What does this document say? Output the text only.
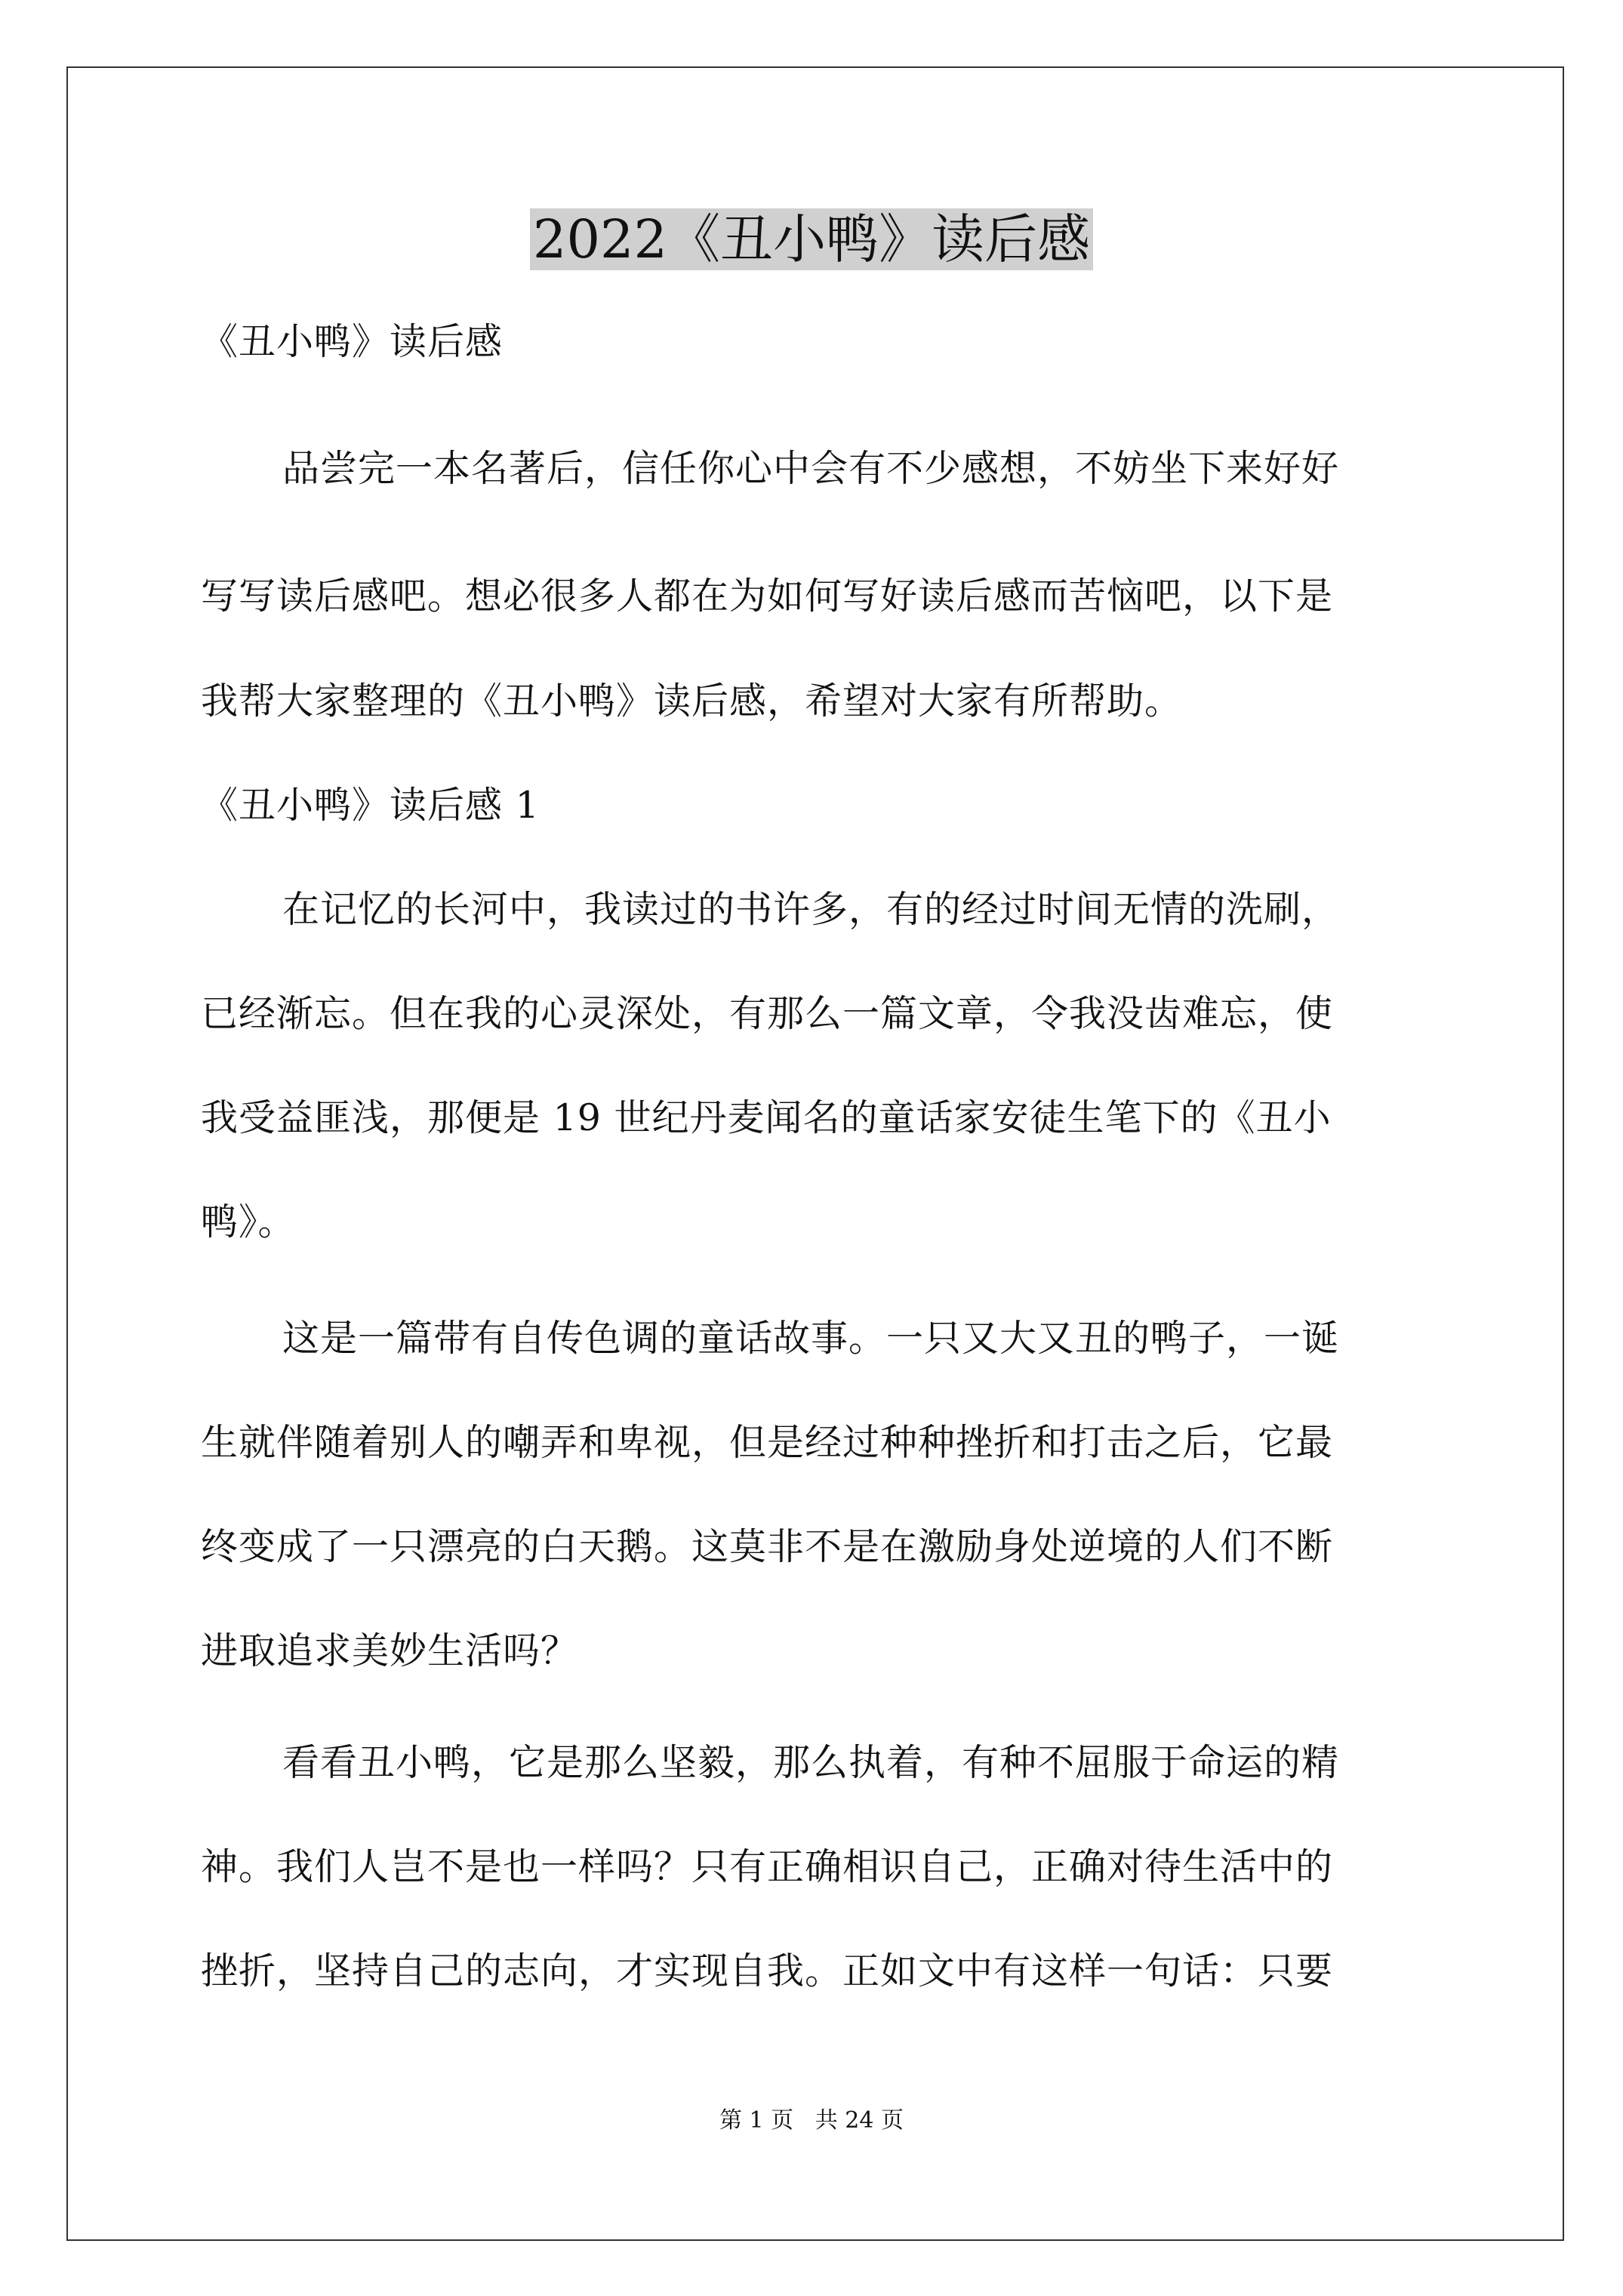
2022《丑小鸭》读后感

《丑小鸭》读后感

品尝完一本名著后，信任你心中会有不少感想，不妨坐下来好好

写写读后感吧。想必很多人都在为如何写好读后感而苦恼吧，以下是

我帮大家整理的《丑小鸭》读后感，希望对大家有所帮助。

《丑小鸭》读后感 1

在记忆的长河中，我读过的书许多，有的经过时间无情的洗刷，

已经渐忘。但在我的心灵深处，有那么一篇文章，令我没齿难忘，使

我受益匪浅，那便是 19 世纪丹麦闻名的童话家安徒生笔下的《丑小

鸭》。

这是一篇带有自传色调的童话故事。一只又大又丑的鸭子，一诞

生就伴随着别人的嘲弄和卑视，但是经过种种挫折和打击之后，它最

终变成了一只漂亮的白天鹅。这莫非不是在激励身处逆境的人们不断

进取追求美妙生活吗？

看看丑小鸭，它是那么坚毅，那么执着，有种不屈服于命运的精

神。我们人岂不是也一样吗？只有正确相识自己，正确对待生活中的

挫折，坚持自己的志向，才实现自我。正如文中有这样一句话：只要

第 1 页   共 24 页
